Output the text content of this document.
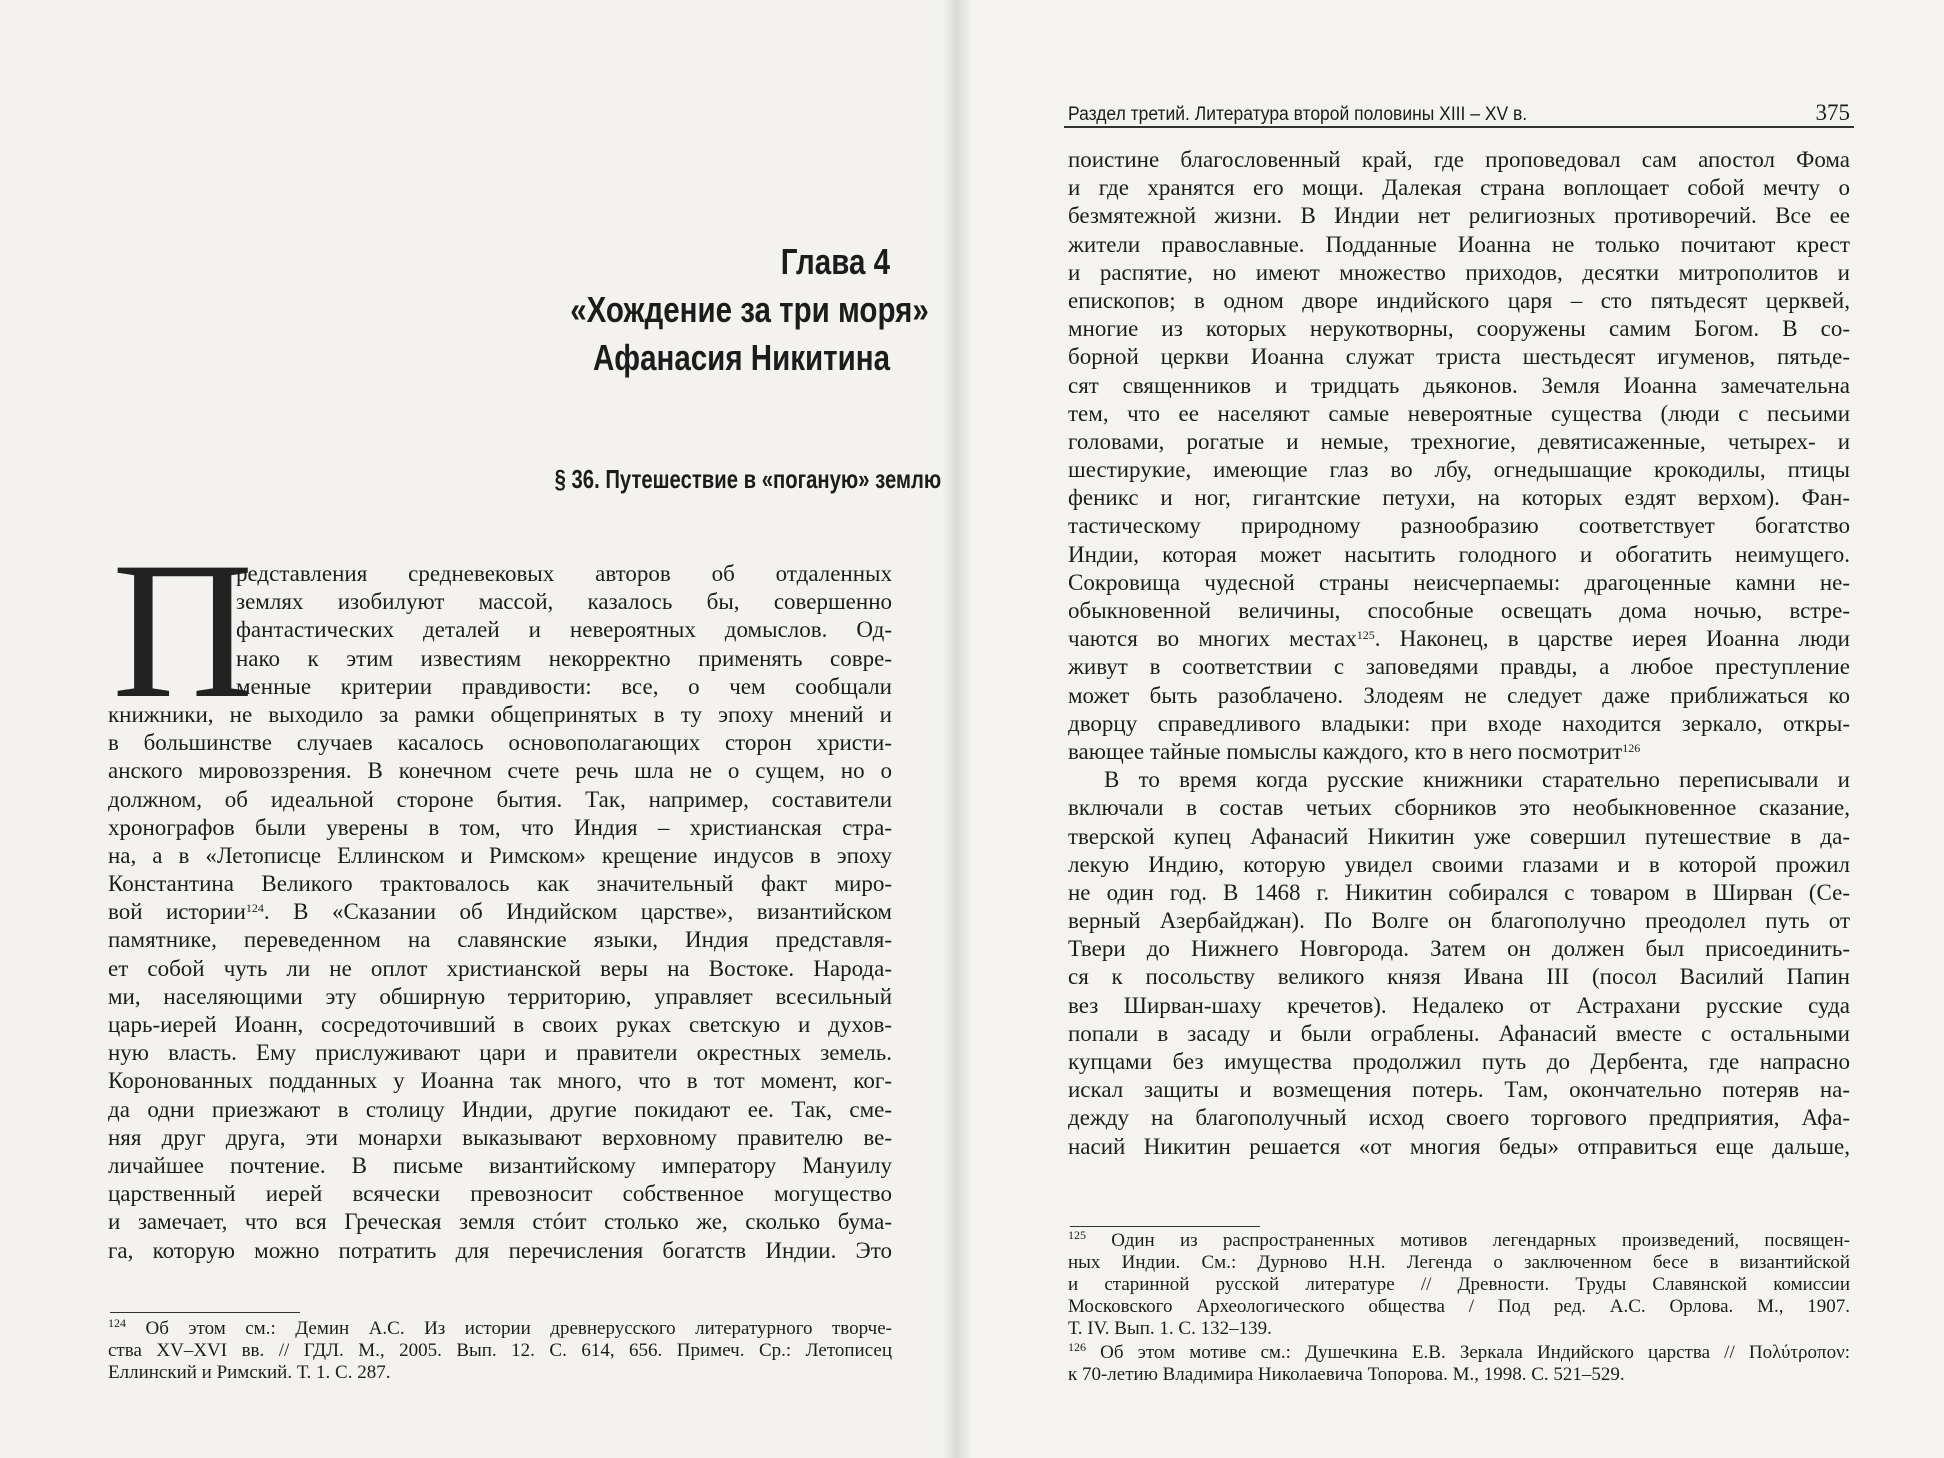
Глава 4
«Хождение за три моря»
Афанасия Никитина
§ 36. Путешествие в «поганую» землю
П
редставления средневековых авторов об отдаленных
землях изобилуют массой, казалось бы, совершенно
фантастических деталей и невероятных домыслов. Од-
нако к этим известиям некорректно применять совре-
менные критерии правдивости: все, о чем сообщали
книжники, не выходило за рамки общепринятых в ту эпоху мнений и
в большинстве случаев касалось основополагающих сторон христи-
анского мировоззрения. В конечном счете речь шла не о сущем, но о
должном, об идеальной стороне бытия. Так, например, составители
хронографов были уверены в том, что Индия – христианская стра-
на, а в «Летописце Еллинском и Римском» крещение индусов в эпоху
Константина Великого трактовалось как значительный факт миро-
вой истории$^{124}$. В «Сказании об Индийском царстве», византийском
памятнике, переведенном на славянские языки, Индия представля-
ет собой чуть ли не оплот христианской веры на Востоке. Народа-
ми, населяющими эту обширную территорию, управляет всесильный
царь-иерей Иоанн, сосредоточивший в своих руках светскую и духов-
ную власть. Ему прислуживают цари и правители окрестных земель.
Коронованных подданных у Иоанна так много, что в тот момент, ког-
да одни приезжают в столицу Индии, другие покидают ее. Так, сме-
няя друг друга, эти монархи выказывают верховному правителю ве-
личайшее почтение. В письме византийскому императору Мануилу
царственный иерей всячески превозносит собственное могущество
и замечает, что вся Греческая земля стóит столько же, сколько бума-
га, которую можно потратить для перечисления богатств Индии. Это
$^{124}$ Об этом см.: Демин А.С. Из истории древнерусского литературного творче-
ства XV–XVI вв. // ГДЛ. М., 2005. Вып. 12. С. 614, 656. Примеч. Ср.: Летописец
Еллинский и Римский. Т. 1. С. 287.
Раздел третий. Литература второй половины XIII – XV в.	375
поистине благословенный край, где проповедовал сам апостол Фома
и где хранятся его мощи. Далекая страна воплощает собой мечту о
безмятежной жизни. В Индии нет религиозных противоречий. Все ее
жители православные. Подданные Иоанна не только почитают крест
и распятие, но имеют множество приходов, десятки митрополитов и
епископов; в одном дворе индийского царя – сто пятьдесят церквей,
многие из которых нерукотворны, сооружены самим Богом. В со-
борной церкви Иоанна служат триста шестьдесят игуменов, пятьде-
сят священников и тридцать дьяконов. Земля Иоанна замечательна
тем, что ее населяют самые невероятные существа (люди с песьими
головами, рогатые и немые, трехногие, девятисаженные, четырех- и
шестирукие, имеющие глаз во лбу, огнедышащие крокодилы, птицы
феникс и ног, гигантские петухи, на которых ездят верхом). Фан-
тастическому природному разнообразию соответствует богатство
Индии, которая может насытить голодного и обогатить неимущего.
Сокровища чудесной страны неисчерпаемы: драгоценные камни не-
обыкновенной величины, способные освещать дома ночью, встре-
чаются во многих местах$^{125}$. Наконец, в царстве иерея Иоанна люди
живут в соответствии с заповедями правды, а любое преступление
может быть разоблачено. Злодеям не следует даже приближаться ко
дворцу справедливого владыки: при входе находится зеркало, откры-
вающее тайные помыслы каждого, кто в него посмотрит$^{126}$
В то время когда русские книжники старательно переписывали и
включали в состав четьих сборников это необыкновенное сказание,
тверской купец Афанасий Никитин уже совершил путешествие в да-
лекую Индию, которую увидел своими глазами и в которой прожил
не один год. В 1468 г. Никитин собирался с товаром в Ширван (Се-
верный Азербайджан). По Волге он благополучно преодолел путь от
Твери до Нижнего Новгорода. Затем он должен был присоединить-
ся к посольству великого князя Ивана III (посол Василий Папин
вез Ширван-шаху кречетов). Недалеко от Астрахани русские суда
попали в засаду и были ограблены. Афанасий вместе с остальными
купцами без имущества продолжил путь до Дербента, где напрасно
искал защиты и возмещения потерь. Там, окончательно потеряв на-
дежду на благополучный исход своего торгового предприятия, Афа-
насий Никитин решается «от многия беды» отправиться еще дальше,
$^{125}$ Один из распространенных мотивов легендарных произведений, посвящен-
ных Индии. См.: Дурново Н.Н. Легенда о заключенном бесе в византийской
и старинной русской литературе // Древности. Труды Славянской комиссии
Московского Археологического общества / Под ред. А.С. Орлова. М., 1907.
Т. IV. Вып. 1. С. 132–139.
$^{126}$ Об этом мотиве см.: Душечкина Е.В. Зеркала Индийского царства // Πολύτροπον:
к 70-летию Владимира Николаевича Топорова. М., 1998. С. 521–529.
